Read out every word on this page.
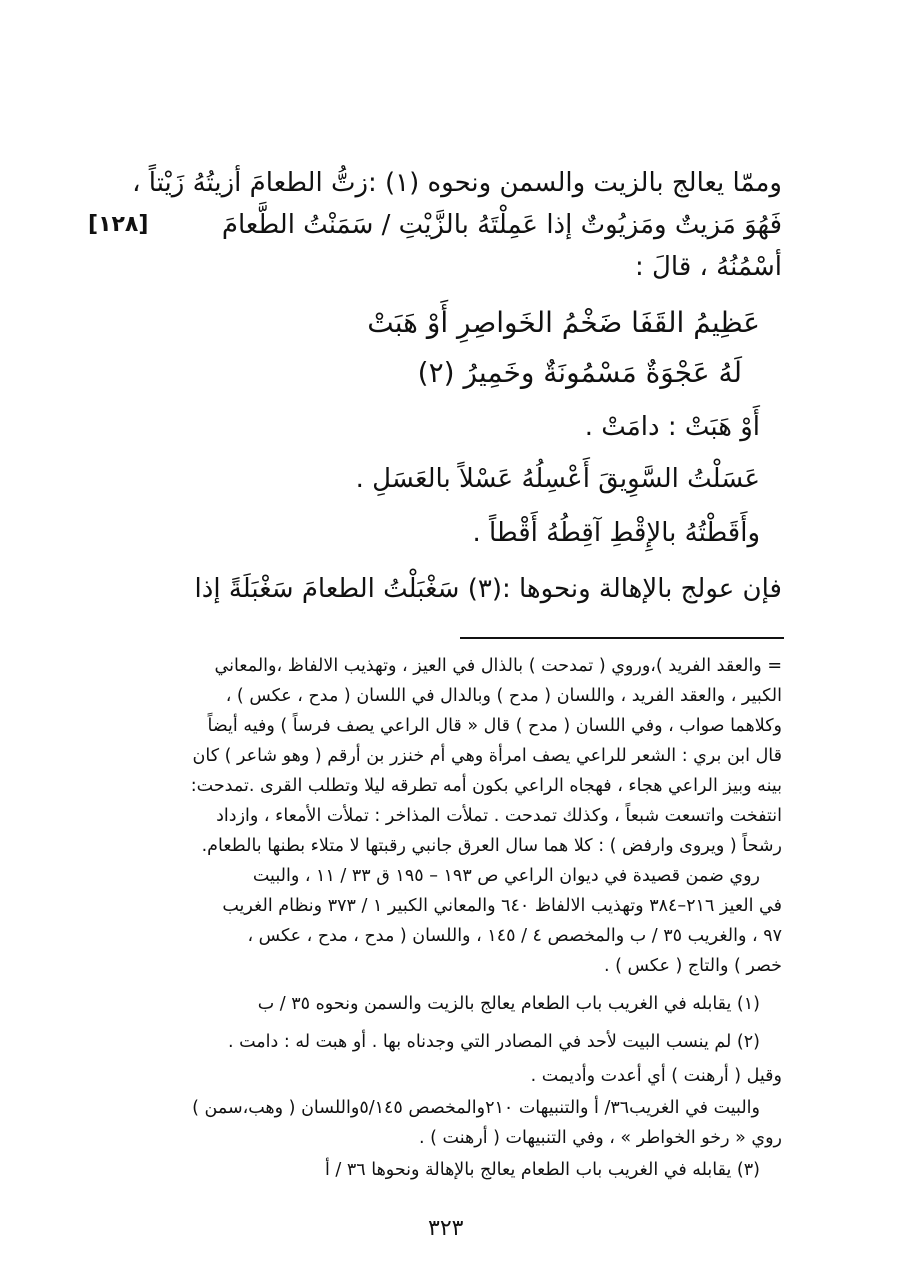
وممّا يعالج بالزيت والسمن ونحوه (١) :زتُّ الطعامَ أزيتُهُ زَيْتاً ،
فَهُوَ مَزيتٌ ومَزيُوتٌ إذا عَمِلْتَهُ بالزَّيْتِ / سَمَنْتُ الطَّعامَ
[١٢٨]
أسْمُنُهُ ، قالَ :
عَظِيمُ القَفَا ضَخْمُ الخَواصِرِ أَوْ هَبَتْ
لَهُ عَجْوَةٌ مَسْمُونَةٌ وخَمِيرُ (٢)
أَوْ هَبَتْ : دامَتْ .
عَسَلْتُ السَّوِيقَ أَعْسِلُهُ عَسْلاً بالعَسَلِ .
وأَقَطْتُهُ بالإِقْطِ آقِطُهُ أَقْطاً .
فإن عولج بالإهالة ونحوها :(٣) سَغْبَلْتُ الطعامَ سَغْبَلَةً إذا
= والعقد الفريد )،وروي ( تمدحت ) بالذال في العيز ، وتهذيب الالفاظ ،والمعاني
الكبير ، والعقد الفريد ، واللسان ( مدح ) وبالدال في اللسان ( مدح ، عكس ) ،
وكلاهما صواب ، وفي اللسان ( مدح ) قال « قال الراعي يصف فرساً ) وفيه أيضاً
قال ابن بري : الشعر للراعي يصف امرأة وهي أم خنزر بن أرقم ( وهو شاعر ) كان
بينه وبيز الراعي هجاء ، فهجاه الراعي بكون أمه تطرقه ليلا وتطلب القرى .تمدحت:
انتفخت واتسعت شبعاً ، وكذلك تمدحت . تملأت المذاخر : تملأت الأمعاء ، وازداد
رشحاً ( ويروى وارفض ) : كلا هما سال العرق جانبي رقبتها لا متلاء بطنها بالطعام.
روي ضمن قصيدة في ديوان الراعي ص ١٩٣ – ١٩٥ ق ٣٣ / ١١ ، والبيت
في العيز ٢١٦–٣٨٤ وتهذيب الالفاظ ٦٤٠ والمعاني الكبير ١ / ٣٧٣ ونظام الغريب
٩٧ ، والغريب ٣٥ / ب والمخصص ٤ / ١٤٥ ، واللسان ( مدح ، مدح ، عكس ،
خصر ) والتاج ( عكس ) .
(١) يقابله في الغريب باب الطعام يعالج بالزيت والسمن ونحوه ٣٥ / ب
(٢) لم ينسب البيت لأحد في المصادر التي وجدناه بها . أو هبت له : دامت .
وقيل ( أرهنت ) أي أعدت وأديمت .
والبيت في الغريب٣٦/ أ والتنبيهات ٢١٠والمخصص ٥/١٤٥واللسان ( وهب،سمن )
روي « رخو الخواطر » ، وفي التنبيهات ( أرهنت ) .
(٣) يقابله في الغريب باب الطعام يعالج بالإهالة ونحوها ٣٦ / أ
٣٢٣
